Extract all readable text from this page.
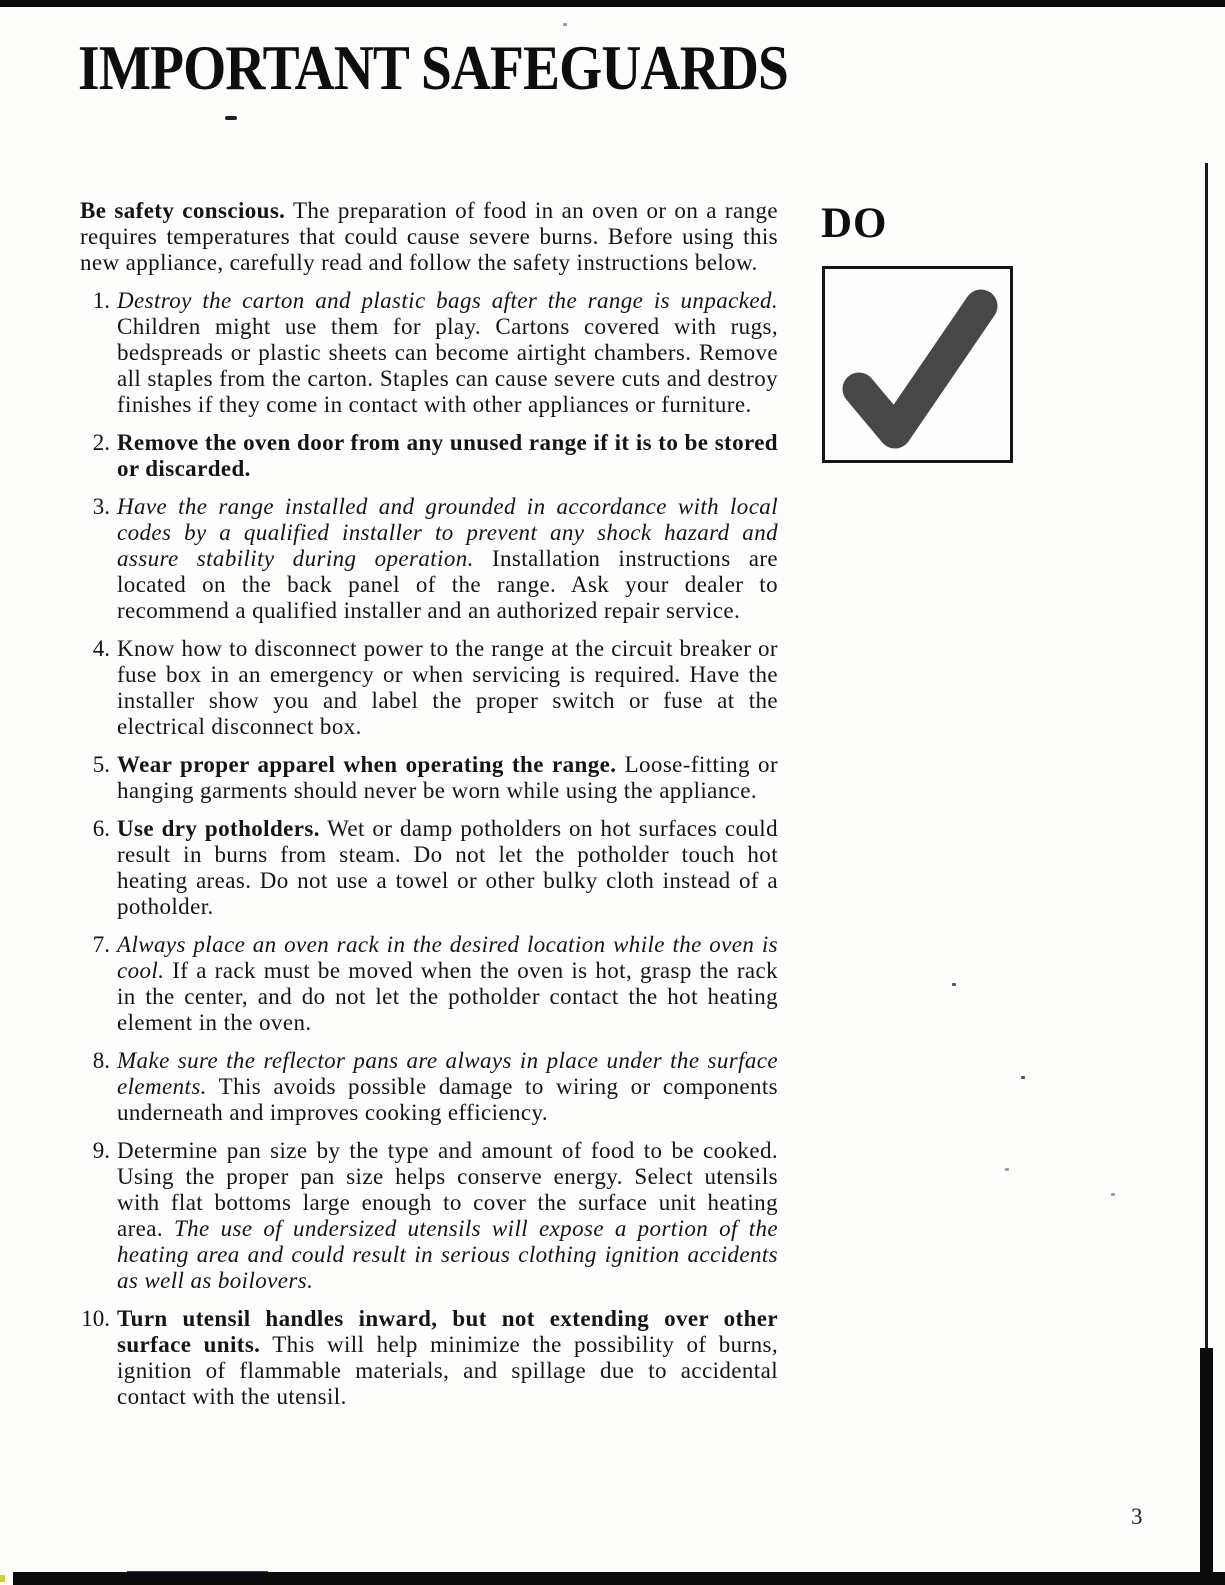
IMPORTANT SAFEGUARDS

Be safety conscious. The preparation of food in an oven or on a range requires temperatures that could cause severe burns. Before using this new appliance, carefully read and follow the safety instructions below.

1. Destroy the carton and plastic bags after the range is unpacked. Children might use them for play. Cartons covered with rugs, bedspreads or plastic sheets can become airtight chambers. Remove all staples from the carton. Staples can cause severe cuts and destroy finishes if they come in contact with other appliances or furniture.
2. Remove the oven door from any unused range if it is to be stored or discarded.
3. Have the range installed and grounded in accordance with local codes by a qualified installer to prevent any shock hazard and assure stability during operation. Installation instructions are located on the back panel of the range. Ask your dealer to recommend a qualified installer and an authorized repair service.
4. Know how to disconnect power to the range at the circuit breaker or fuse box in an emergency or when servicing is required. Have the installer show you and label the proper switch or fuse at the electrical disconnect box.
5. Wear proper apparel when operating the range. Loose-fitting or hanging garments should never be worn while using the appliance.
6. Use dry potholders. Wet or damp potholders on hot surfaces could result in burns from steam. Do not let the potholder touch hot heating areas. Do not use a towel or other bulky cloth instead of a potholder.
7. Always place an oven rack in the desired location while the oven is cool. If a rack must be moved when the oven is hot, grasp the rack in the center, and do not let the potholder contact the hot heating element in the oven.
8. Make sure the reflector pans are always in place under the surface elements. This avoids possible damage to wiring or components underneath and improves cooking efficiency.
9. Determine pan size by the type and amount of food to be cooked. Using the proper pan size helps conserve energy. Select utensils with flat bottoms large enough to cover the surface unit heating area. The use of undersized utensils will expose a portion of the heating area and could result in serious clothing ignition accidents as well as boilovers.
10. Turn utensil handles inward, but not extending over other surface units. This will help minimize the possibility of burns, ignition of flammable materials, and spillage due to accidental contact with the utensil.
DO
3
